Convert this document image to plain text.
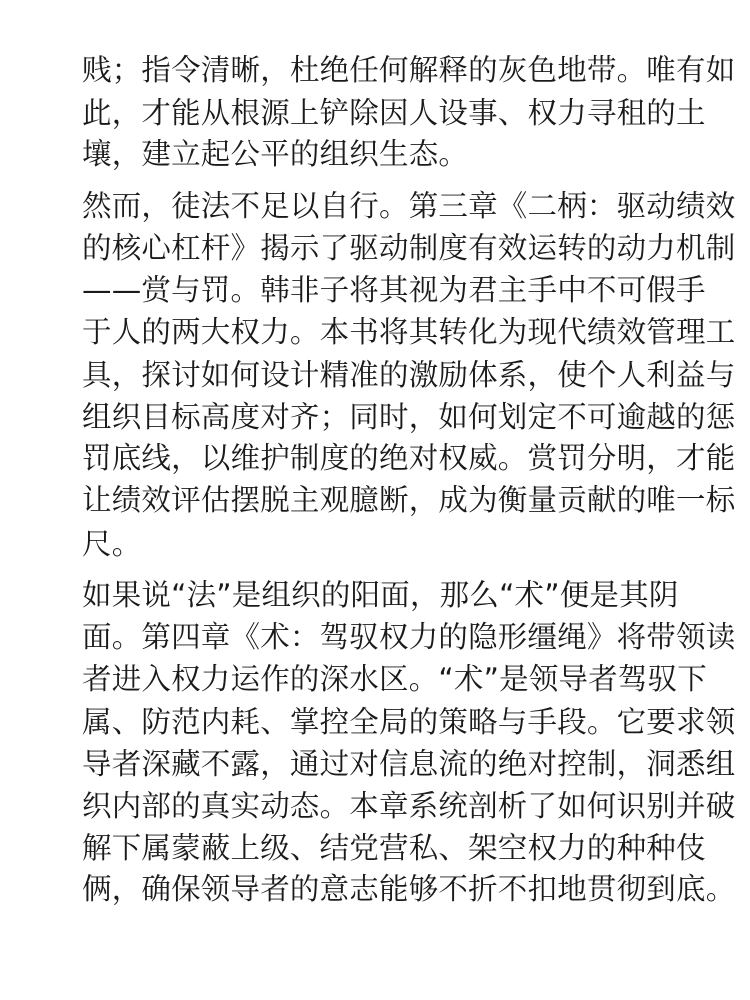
贱；指令清晰，杜绝任何解释的灰色地带。唯有如

此，才能从根源上铲除因人设事、权力寻租的土

壤，建立起公平的组织生态。

然而，徒法不足以自行。第三章《二柄：驱动绩效

的核心杠杆》揭示了驱动制度有效运转的动力机制

——赏与罚。韩非子将其视为君主手中不可假手

于人的两大权力。本书将其转化为现代绩效管理工

具，探讨如何设计精准的激励体系，使个人利益与

组织目标高度对齐；同时，如何划定不可逾越的惩

罚底线，以维护制度的绝对权威。赏罚分明，才能

让绩效评估摆脱主观臆断，成为衡量贡献的唯一标

尺。

如果说“法”是组织的阳面，那么“术”便是其阴

面。第四章《术：驾驭权力的隐形缰绳》将带领读

者进入权力运作的深水区。“术”是领导者驾驭下

属、防范内耗、掌控全局的策略与手段。它要求领

导者深藏不露，通过对信息流的绝对控制，洞悉组

织内部的真实动态。本章系统剖析了如何识别并破

解下属蒙蔽上级、结党营私、架空权力的种种伎

俩，确保领导者的意志能够不折不扣地贯彻到底。
